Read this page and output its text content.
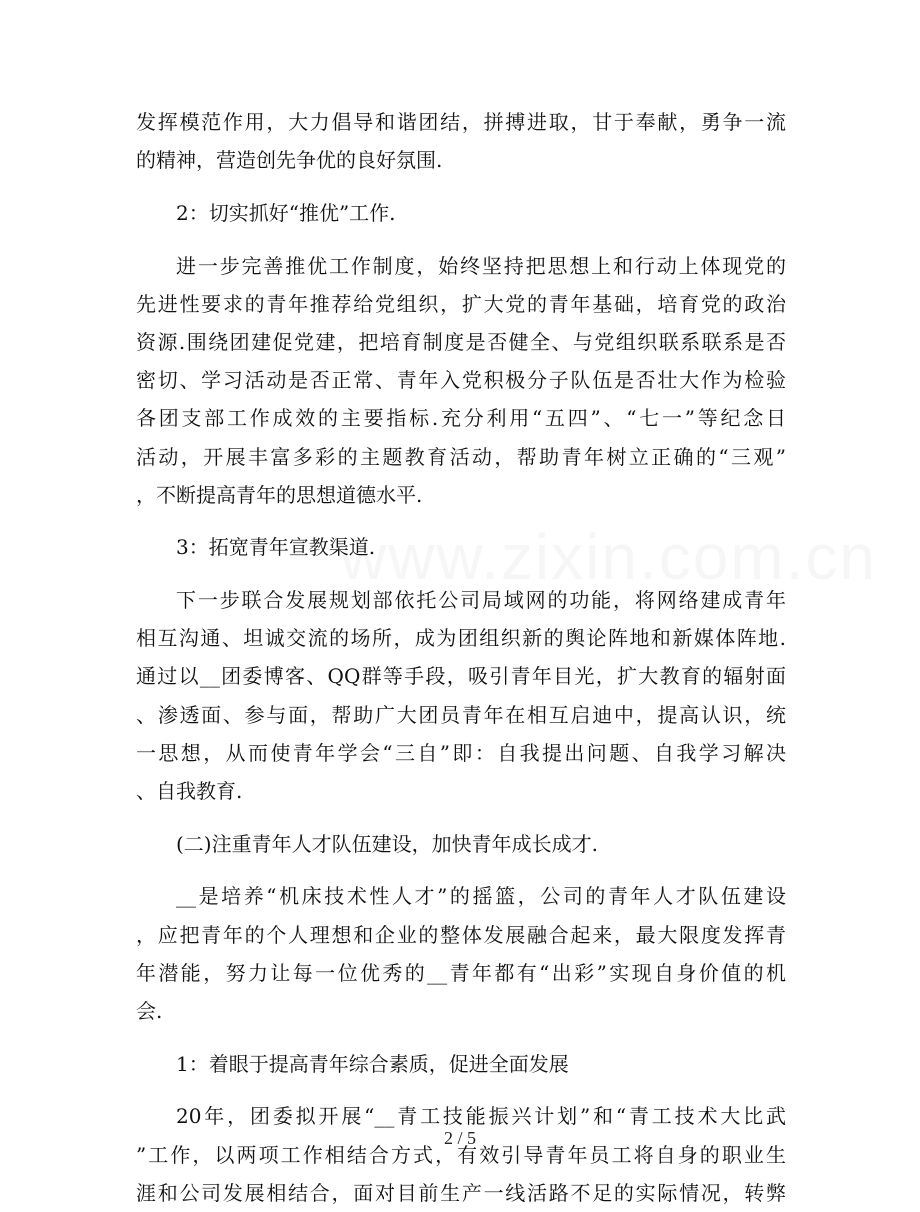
www.zixin.com.cn
发挥模范作用，大力倡导和谐团结，拼搏进取，甘于奉献，勇争一流
的精神，营造创先争优的良好氛围.
2：切实抓好“推优”工作.
进一步完善推优工作制度，始终坚持把思想上和行动上体现党的
先进性要求的青年推荐给党组织，扩大党的青年基础，培育党的政治
资源.围绕团建促党建，把培育制度是否健全、与党组织联系联系是否
密切、学习活动是否正常、青年入党积极分子队伍是否壮大作为检验
各团支部工作成效的主要指标.充分利用“五四”、“七一”等纪念日
活动，开展丰富多彩的主题教育活动，帮助青年树立正确的“三观”
，不断提高青年的思想道德水平.
3：拓宽青年宣教渠道.
下一步联合发展规划部依托公司局域网的功能，将网络建成青年
相互沟通、坦诚交流的场所，成为团组织新的舆论阵地和新媒体阵地.
通过以__团委博客、QQ群等手段，吸引青年目光，扩大教育的辐射面
、渗透面、参与面，帮助广大团员青年在相互启迪中，提高认识，统
一思想，从而使青年学会“三自”即：自我提出问题、自我学习解决
、自我教育.
(二)注重青年人才队伍建设，加快青年成长成才.
__是培养“机床技术性人才”的摇篮，公司的青年人才队伍建设
，应把青年的个人理想和企业的整体发展融合起来，最大限度发挥青
年潜能，努力让每一位优秀的__青年都有“出彩”实现自身价值的机
会.
1：着眼于提高青年综合素质，促进全面发展
20年，团委拟开展“__青工技能振兴计划”和“青工技术大比武
”工作，以两项工作相结合方式，有效引导青年员工将自身的职业生
涯和公司发展相结合，面对目前生产一线活路不足的实际情况，转弊
2 / 5
